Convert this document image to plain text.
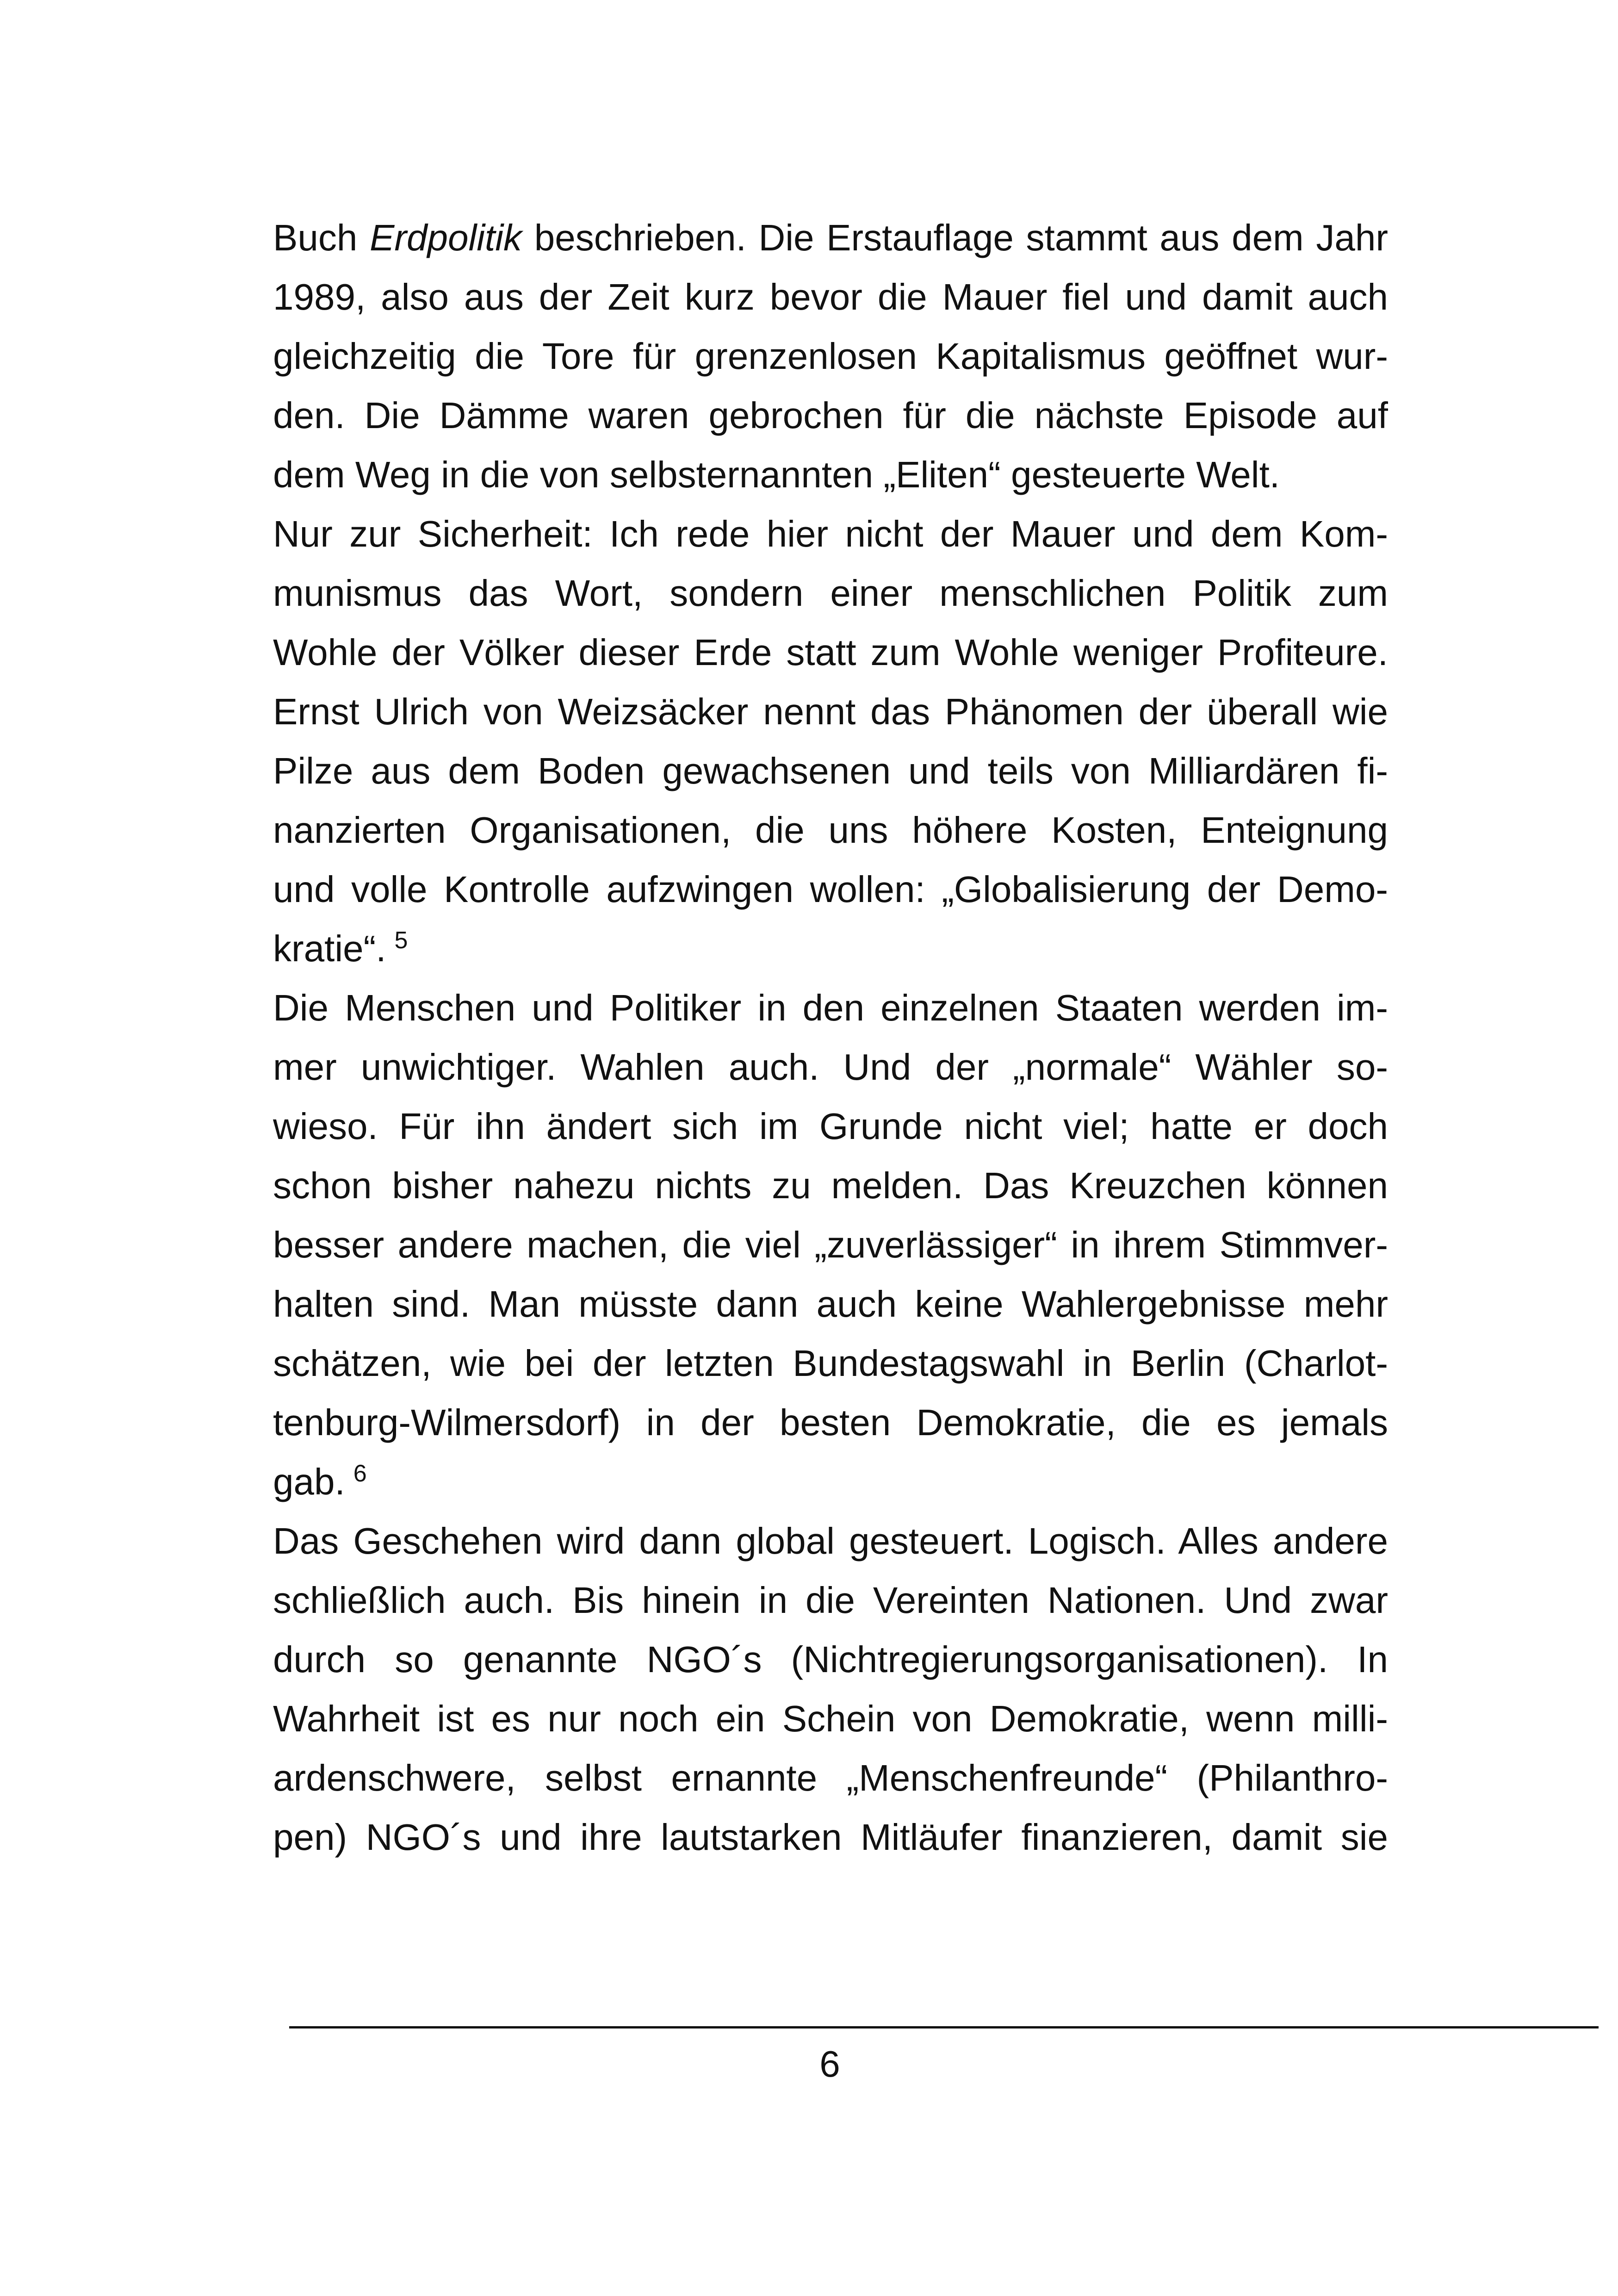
Buch Erdpolitik beschrieben. Die Erstauflage stammt aus dem Jahr
1989, also aus der Zeit kurz bevor die Mauer fiel und damit auch
gleichzeitig die Tore für grenzenlosen Kapitalismus geöffnet wur-
den. Die Dämme waren gebrochen für die nächste Episode auf
dem Weg in die von selbsternannten „Eliten“ gesteuerte Welt.
Nur zur Sicherheit: Ich rede hier nicht der Mauer und dem Kom-
munismus das Wort, sondern einer menschlichen Politik zum
Wohle der Völker dieser Erde statt zum Wohle weniger Profiteure.
Ernst Ulrich von Weizsäcker nennt das Phänomen der überall wie
Pilze aus dem Boden gewachsenen und teils von Milliardären fi-
nanzierten Organisationen, die uns höhere Kosten, Enteignung
und volle Kontrolle aufzwingen wollen: „Globalisierung der Demo-
kratie“. $^5$
Die Menschen und Politiker in den einzelnen Staaten werden im-
mer unwichtiger. Wahlen auch. Und der „normale“ Wähler so-
wieso. Für ihn ändert sich im Grunde nicht viel; hatte er doch
schon bisher nahezu nichts zu melden. Das Kreuzchen können
besser andere machen, die viel „zuverlässiger“ in ihrem Stimmver-
halten sind. Man müsste dann auch keine Wahlergebnisse mehr
schätzen, wie bei der letzten Bundestagswahl in Berlin (Charlot-
tenburg-Wilmersdorf) in der besten Demokratie, die es jemals
gab. $^6$
Das Geschehen wird dann global gesteuert. Logisch. Alles andere
schließlich auch. Bis hinein in die Vereinten Nationen. Und zwar
durch so genannte NGO´s (Nichtregierungsorganisationen). In
Wahrheit ist es nur noch ein Schein von Demokratie, wenn milli-
ardenschwere, selbst ernannte „Menschenfreunde“ (Philanthro-
pen) NGO´s und ihre lautstarken Mitläufer finanzieren, damit sie
6
